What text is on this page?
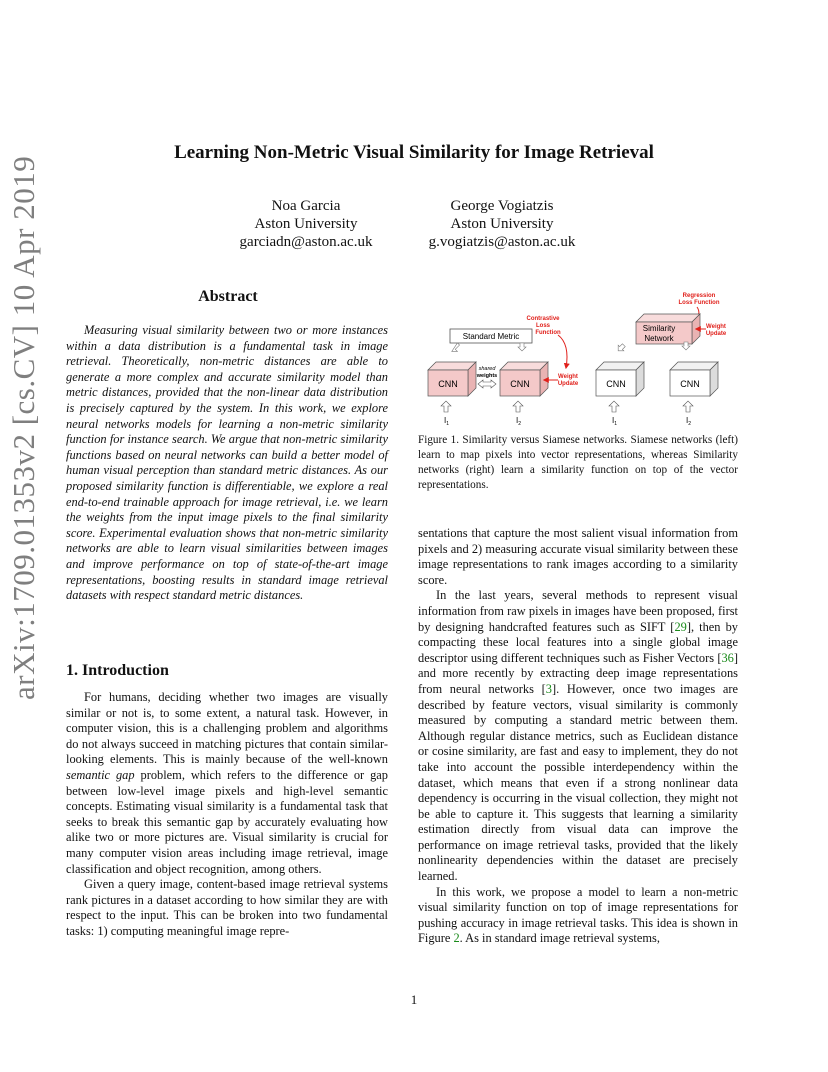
arXiv:1709.01353v2 [cs.CV] 10 Apr 2019
Learning Non-Metric Visual Similarity for Image Retrieval
Noa Garcia
Aston University
garciadn@aston.ac.uk
George Vogiatzis
Aston University
g.vogiatzis@aston.ac.uk
Abstract

Measuring visual similarity between two or more instances within a data distribution is a fundamental task in image retrieval. Theoretically, non-metric distances are able to generate a more complex and accurate similarity model than metric distances, provided that the non-linear data distribution is precisely captured by the system. In this work, we explore neural networks models for learning a non-metric similarity function for instance search. We argue that non-metric similarity functions based on neural networks can build a better model of human visual perception than standard metric distances. As our proposed similarity function is differentiable, we explore a real end-to-end trainable approach for image retrieval, i.e. we learn the weights from the input image pixels to the final similarity score. Experimental evaluation shows that non-metric similarity networks are able to learn visual similarities between images and improve performance on top of state-of-the-art image representations, boosting results in standard image retrieval datasets with respect standard metric distances.

1. Introduction

For humans, deciding whether two images are visually similar or not is, to some extent, a natural task. However, in computer vision, this is a challenging problem and algorithms do not always succeed in matching pictures that contain similar-looking elements. This is mainly because of the well-known semantic gap problem, which refers to the difference or gap between low-level image pixels and high-level semantic concepts. Estimating visual similarity is a fundamental task that seeks to break this semantic gap by accurately evaluating how alike two or more pictures are. Visual similarity is crucial for many computer vision areas including image retrieval, image classification and object recognition, among others.

Given a query image, content-based image retrieval systems rank pictures in a dataset according to how similar they are with respect to the input. This can be broken into two fundamental tasks: 1) computing meaningful image repre-

Standard Metric
Contrastive
Loss
Function
CNN	CNN
shared
weights	Weight
Update
$I_1$	$I_2$
Regression
Loss Function
Similarity
Network
Weight
Update
CNN	CNN
$I_1$	$I_2$

Figure 1. Similarity versus Siamese networks. Siamese networks (left) learn to map pixels into vector representations, whereas Similarity networks (right) learn a similarity function on top of the vector representations.

sentations that capture the most salient visual information from pixels and 2) measuring accurate visual similarity between these image representations to rank images according to a similarity score.

In the last years, several methods to represent visual information from raw pixels in images have been proposed, first by designing handcrafted features such as SIFT [29], then by compacting these local features into a single global image descriptor using different techniques such as Fisher Vectors [36] and more recently by extracting deep image representations from neural networks [3]. However, once two images are described by feature vectors, visual similarity is commonly measured by computing a standard metric between them. Although regular distance metrics, such as Euclidean distance or cosine similarity, are fast and easy to implement, they do not take into account the possible interdependency within the dataset, which means that even if a strong nonlinear data dependency is occurring in the visual collection, they might not be able to capture it. This suggests that learning a similarity estimation directly from visual data can improve the performance on image retrieval tasks, provided that the likely nonlinearity dependencies within the dataset are precisely learned.

In this work, we propose a model to learn a non-metric visual similarity function on top of image representations for pushing accuracy in image retrieval tasks. This idea is shown in Figure 2. As in standard image retrieval systems,

1
